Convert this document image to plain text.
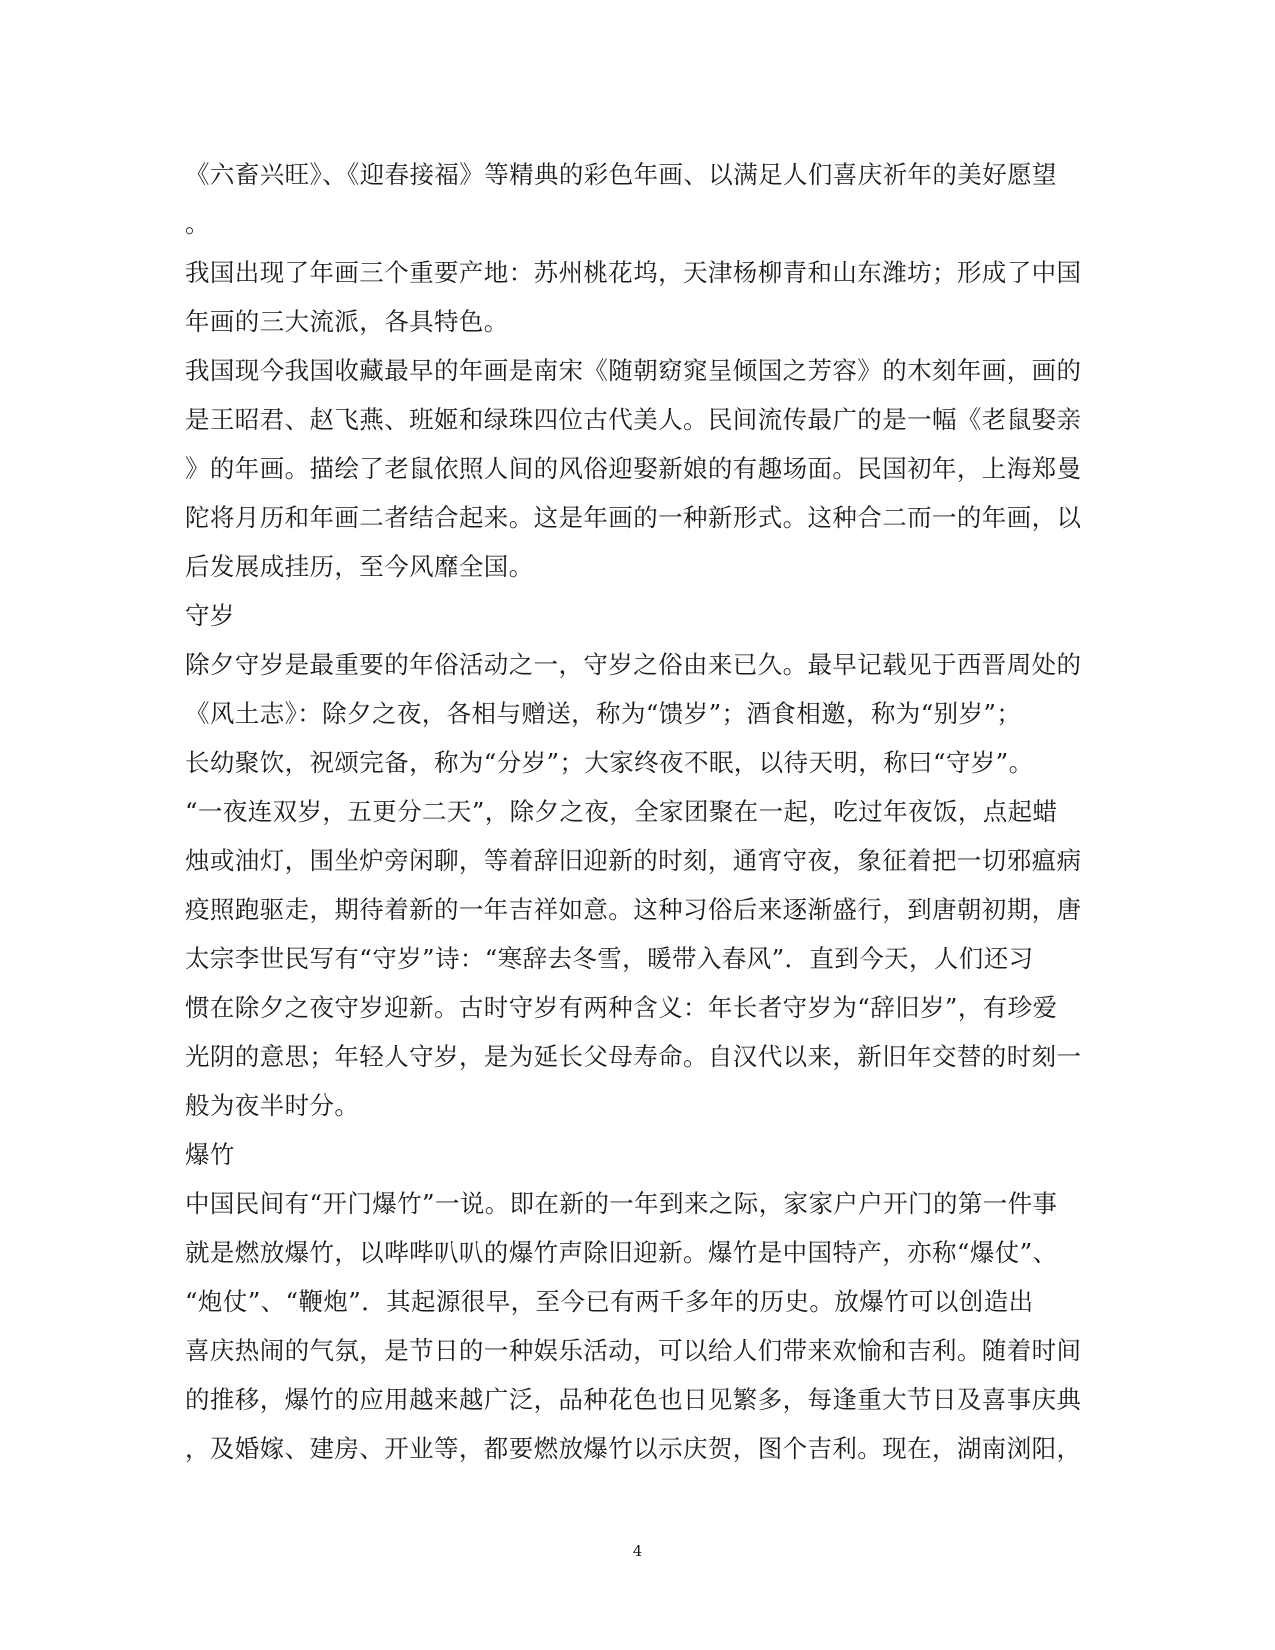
《六畜兴旺》、《迎春接福》等精典的彩色年画、以满足人们喜庆祈年的美好愿望
。
我国出现了年画三个重要产地：苏州桃花坞，天津杨柳青和山东潍坊；形成了中国
年画的三大流派，各具特色。
我国现今我国收藏最早的年画是南宋《随朝窈窕呈倾国之芳容》的木刻年画，画的
是王昭君、赵飞燕、班姬和绿珠四位古代美人。民间流传最广的是一幅《老鼠娶亲
》的年画。描绘了老鼠依照人间的风俗迎娶新娘的有趣场面。民国初年，上海郑曼
陀将月历和年画二者结合起来。这是年画的一种新形式。这种合二而一的年画，以
后发展成挂历，至今风靡全国。
守岁
除夕守岁是最重要的年俗活动之一，守岁之俗由来已久。最早记载见于西晋周处的
《风土志》：除夕之夜，各相与赠送，称为“馈岁”；酒食相邀，称为“别岁”；
长幼聚饮，祝颂完备，称为“分岁”；大家终夜不眠，以待天明，称曰“守岁”。
“一夜连双岁，五更分二天”，除夕之夜，全家团聚在一起，吃过年夜饭，点起蜡
烛或油灯，围坐炉旁闲聊，等着辞旧迎新的时刻，通宵守夜，象征着把一切邪瘟病
疫照跑驱走，期待着新的一年吉祥如意。这种习俗后来逐渐盛行，到唐朝初期，唐
太宗李世民写有“守岁”诗：“寒辞去冬雪，暖带入春风”．直到今天，人们还习
惯在除夕之夜守岁迎新。古时守岁有两种含义：年长者守岁为“辞旧岁”，有珍爱
光阴的意思；年轻人守岁，是为延长父母寿命。自汉代以来，新旧年交替的时刻一
般为夜半时分。
爆竹
中国民间有“开门爆竹”一说。即在新的一年到来之际，家家户户开门的第一件事
就是燃放爆竹，以哔哔叭叭的爆竹声除旧迎新。爆竹是中国特产，亦称“爆仗”、
“炮仗”、“鞭炮”．其起源很早，至今已有两千多年的历史。放爆竹可以创造出
喜庆热闹的气氛，是节日的一种娱乐活动，可以给人们带来欢愉和吉利。随着时间
的推移，爆竹的应用越来越广泛，品种花色也日见繁多，每逢重大节日及喜事庆典
，及婚嫁、建房、开业等，都要燃放爆竹以示庆贺，图个吉利。现在，湖南浏阳，
4
